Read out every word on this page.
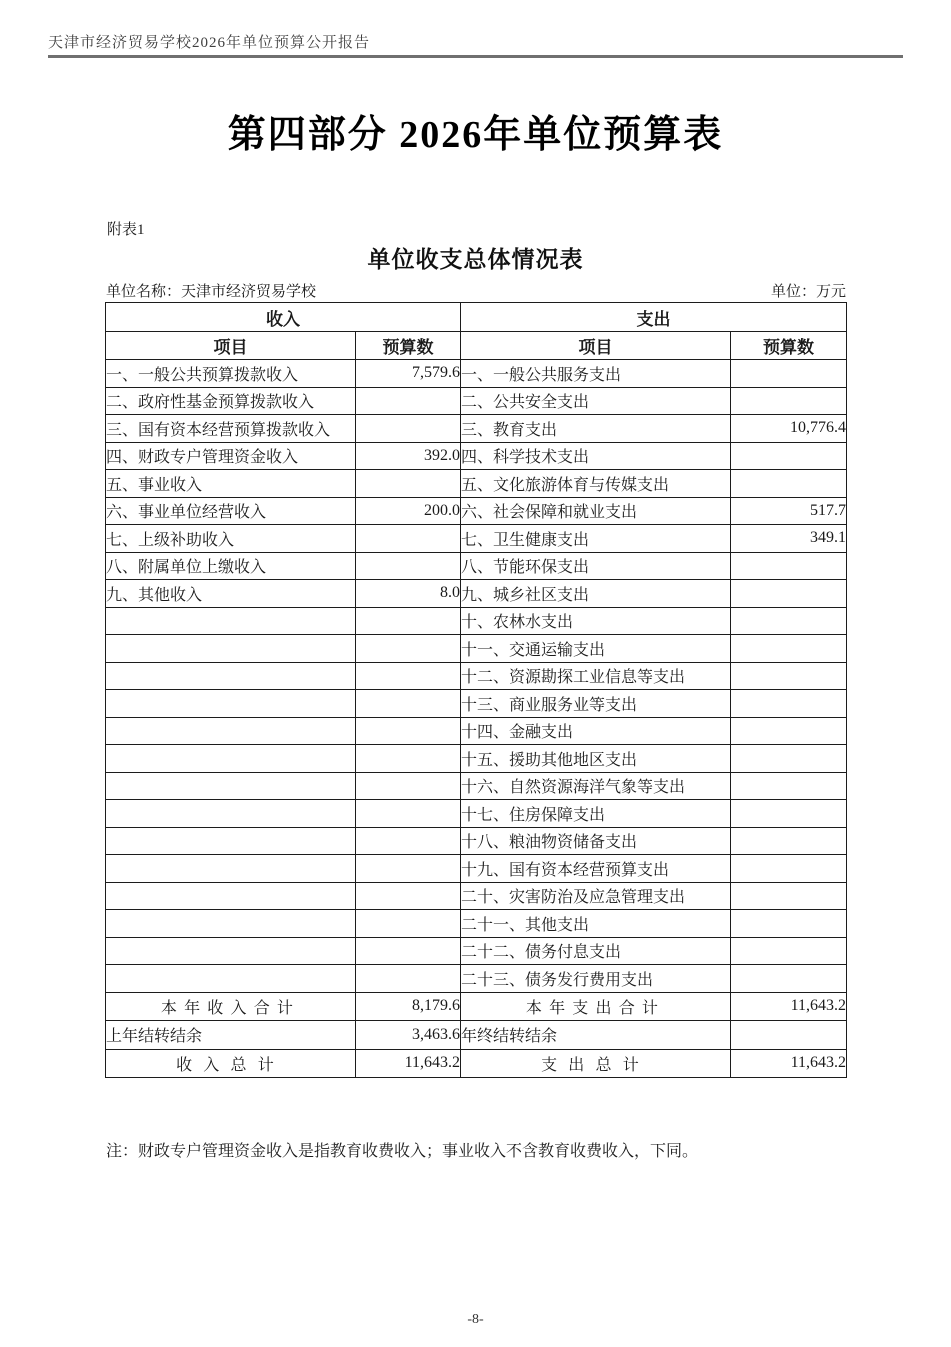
天津市经济贸易学校2026年单位预算公开报告
第四部分 2026年单位预算表
附表1
单位收支总体情况表
单位名称：天津市经济贸易学校	单位：万元
收入		支出	
项目	预算数	项目	预算数
一、一般公共预算拨款收入	7,579.6	一、一般公共服务支出	
二、政府性基金预算拨款收入		二、公共安全支出	
三、国有资本经营预算拨款收入		三、教育支出	10,776.4
四、财政专户管理资金收入	392.0	四、科学技术支出	
五、事业收入		五、文化旅游体育与传媒支出	
六、事业单位经营收入	200.0	六、社会保障和就业支出	517.7
七、上级补助收入		七、卫生健康支出	349.1
八、附属单位上缴收入		八、节能环保支出	
九、其他收入	8.0	九、城乡社区支出	
		十、农林水支出	
		十一、交通运输支出	
		十二、资源勘探工业信息等支出	
		十三、商业服务业等支出	
		十四、金融支出	
		十五、援助其他地区支出	
		十六、自然资源海洋气象等支出	
		十七、住房保障支出	
		十八、粮油物资储备支出	
		十九、国有资本经营预算支出	
		二十、灾害防治及应急管理支出	
		二十一、其他支出	
		二十二、债务付息支出	
		二十三、债务发行费用支出	
本年收入合计	8,179.6	本年支出合计	11,643.2
上年结转结余	3,463.6	年终结转结余	
收入总计	11,643.2	支出总计	11,643.2
注：财政专户管理资金收入是指教育收费收入；事业收入不含教育收费收入，下同。
-8-
